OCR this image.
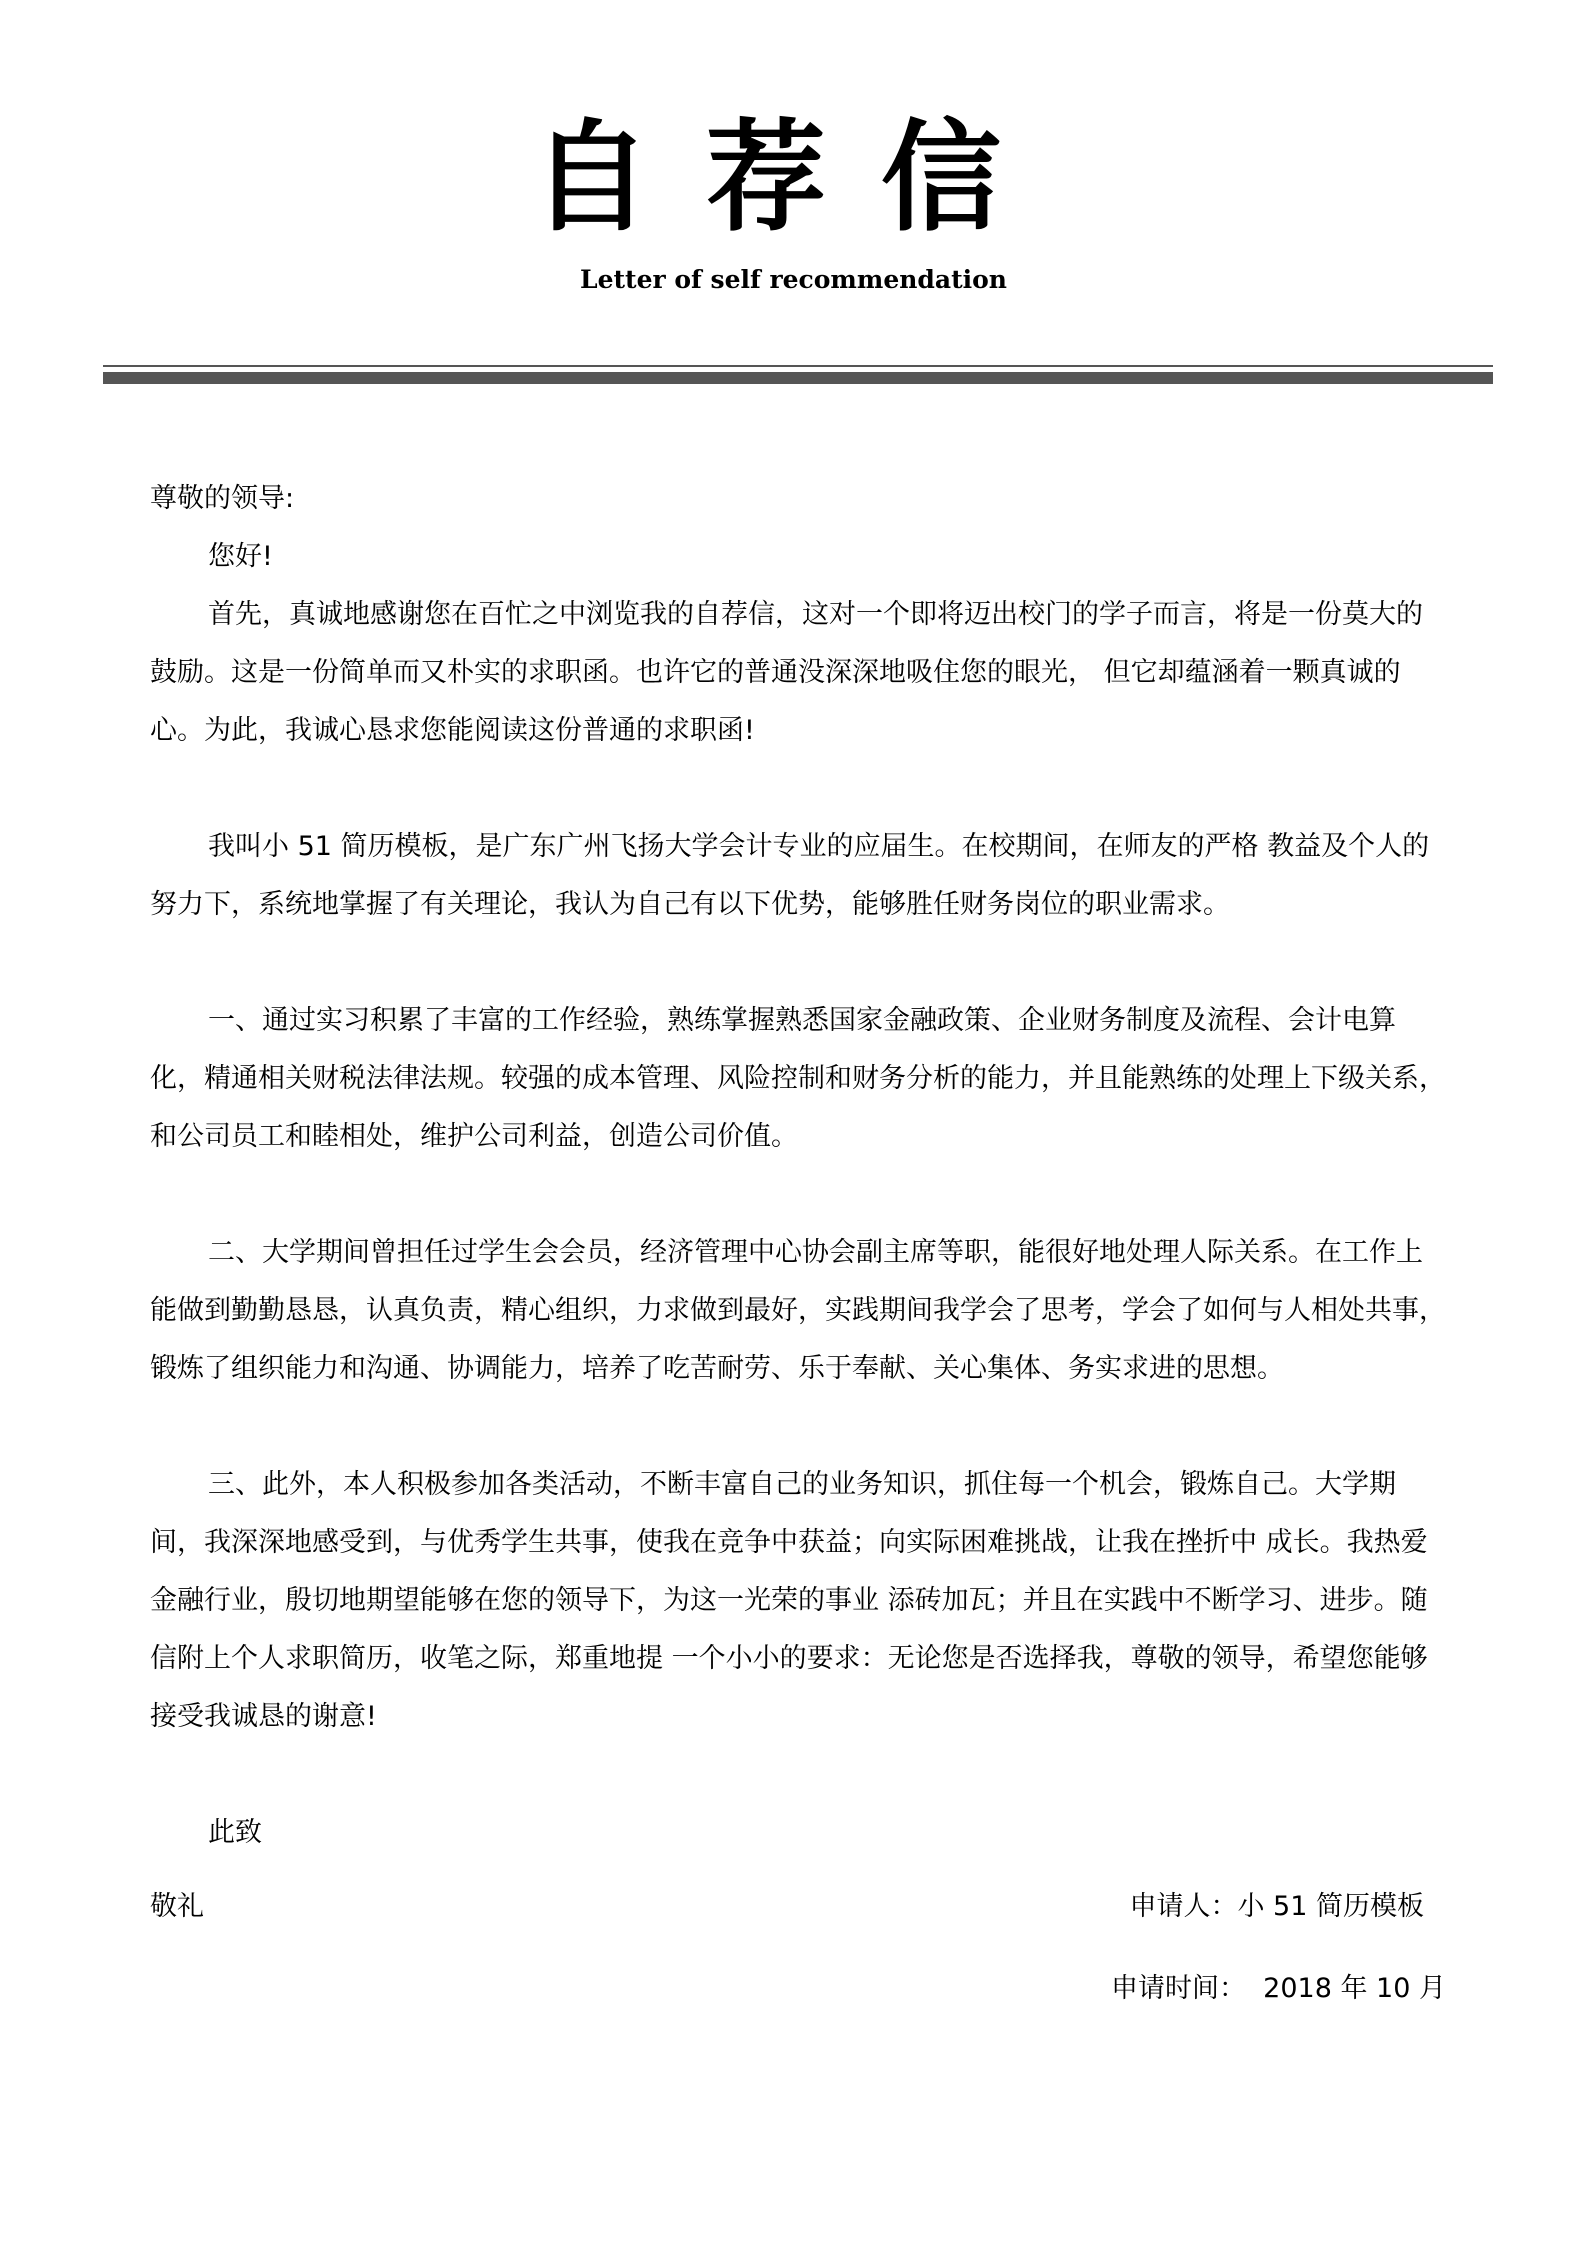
自荐信
Letter of self recommendation

尊敬的领导:

您好!

首先，真诚地感谢您在百忙之中浏览我的自荐信，这对一个即将迈出校门的学子而言，将是一份莫大的鼓励。这是一份简单而又朴实的求职函。也许它的普通没深深地吸住您的眼光， 但它却蕴涵着一颗真诚的心。为此，我诚心恳求您能阅读这份普通的求职函!

我叫小 51 简历模板，是广东广州飞扬大学会计专业的应届生。在校期间，在师友的严格 教益及个人的努力下，系统地掌握了有关理论，我认为自己有以下优势，能够胜任财务岗位的职业需求。

一、通过实习积累了丰富的工作经验，熟练掌握熟悉国家金融政策、企业财务制度及流程、会计电算化，精通相关财税法律法规。较强的成本管理、风险控制和财务分析的能力，并且能熟练的处理上下级关系，和公司员工和睦相处，维护公司利益，创造公司价值。

二、大学期间曾担任过学生会会员，经济管理中心协会副主席等职，能很好地处理人际关系。在工作上能做到勤勤恳恳，认真负责，精心组织，力求做到最好，实践期间我学会了思考，学会了如何与人相处共事，锻炼了组织能力和沟通、协调能力，培养了吃苦耐劳、乐于奉献、关心集体、务实求进的思想。

三、此外，本人积极参加各类活动，不断丰富自己的业务知识，抓住每一个机会，锻炼自己。大学期间，我深深地感受到，与优秀学生共事，使我在竞争中获益；向实际困难挑战，让我在挫折中 成长。我热爱金融行业，殷切地期望能够在您的领导下，为这一光荣的事业 添砖加瓦；并且在实践中不断学习、进步。随信附上个人求职简历，收笔之际，郑重地提 一个小小的要求：无论您是否选择我，尊敬的领导，希望您能够接受我诚恳的谢意!

此致

敬礼	申请人：小 51 简历模板

申请时间：  2018 年 10 月
